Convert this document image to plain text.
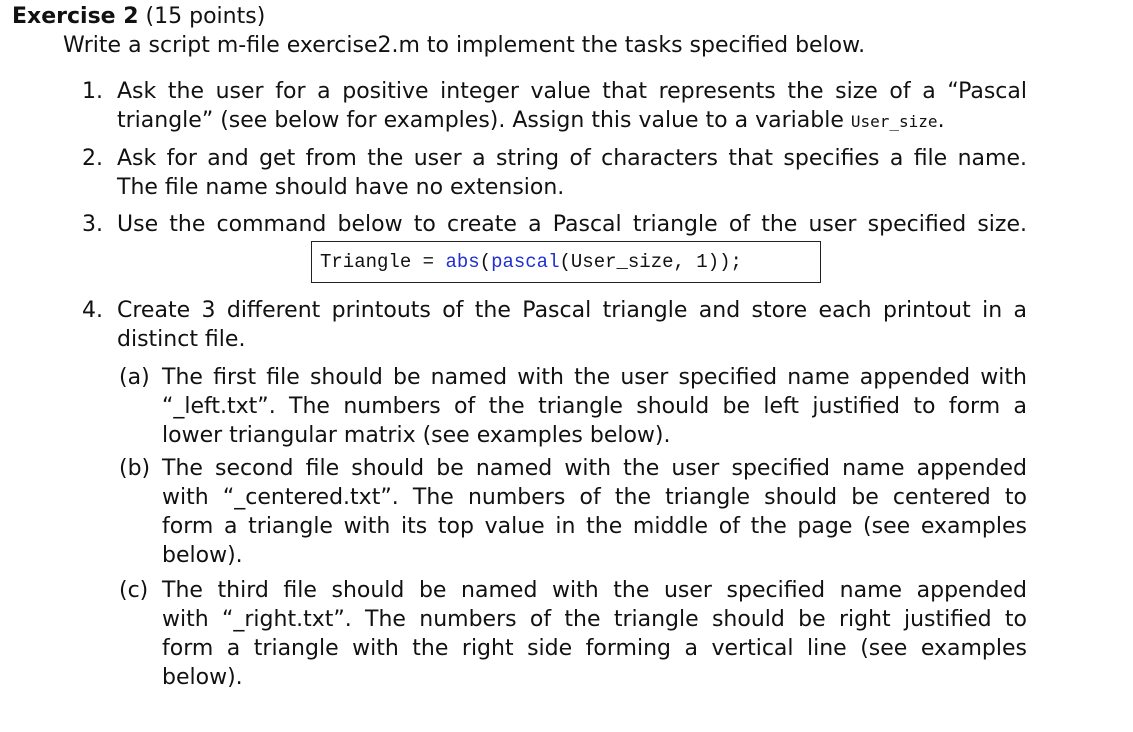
Exercise 2 (15 points)
Write a script m-file exercise2.m to implement the tasks specified below.
1. Ask the user for a positive integer value that represents the size of a “Pascal
triangle” (see below for examples). Assign this value to a variable User_size.
2. Ask for and get from the user a string of characters that specifies a file name.
The file name should have no extension.
3. Use the command below to create a Pascal triangle of the user specified size.
Triangle = abs(pascal(User_size, 1));
4. Create 3 different printouts of the Pascal triangle and store each printout in a
distinct file.
(a) The first file should be named with the user specified name appended with
“_left.txt”. The numbers of the triangle should be left justified to form a
lower triangular matrix (see examples below).
(b) The second file should be named with the user specified name appended
with “_centered.txt”. The numbers of the triangle should be centered to
form a triangle with its top value in the middle of the page (see examples
below).
(c) The third file should be named with the user specified name appended
with “_right.txt”. The numbers of the triangle should be right justified to
form a triangle with the right side forming a vertical line (see examples
below).
